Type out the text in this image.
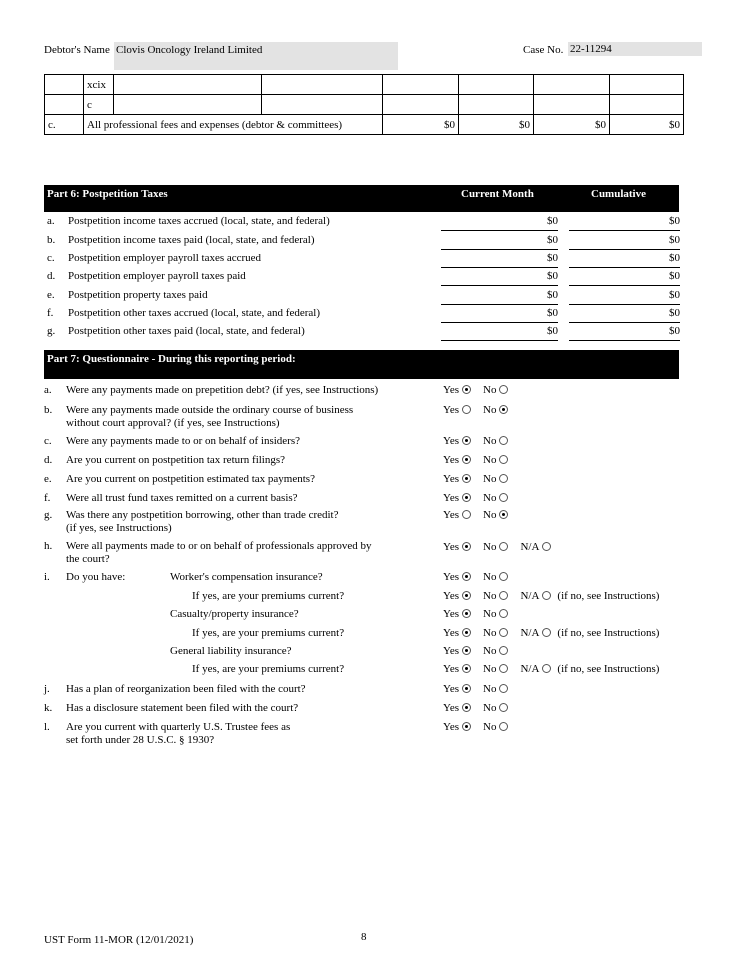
Debtor's Name Clovis Oncology Ireland Limited	Case No. 22-11294
	xcix						
	c						
c.	All professional fees and expenses (debtor & committees)			$0	$0	$0	$0
Part 6: Postpetition Taxes	Current Month	Cumulative
a. Postpetition income taxes accrued (local, state, and federal)	$0	$0
b. Postpetition income taxes paid (local, state, and federal)	$0	$0
c. Postpetition employer payroll taxes accrued	$0	$0
d. Postpetition employer payroll taxes paid	$0	$0
e. Postpetition property taxes paid	$0	$0
f. Postpetition other taxes accrued (local, state, and federal)	$0	$0
g. Postpetition other taxes paid (local, state, and federal)	$0	$0
Part 7: Questionnaire - During this reporting period:
a. Were any payments made on prepetition debt? (if yes, see Instructions)	Yes No
b. Were any payments made outside the ordinary course of business
without court approval? (if yes, see Instructions)
Yes No
c. Were any payments made to or on behalf of insiders?	Yes No
d. Are you current on postpetition tax return filings?	Yes No
e. Are you current on postpetition estimated tax payments?	Yes No
f. Were all trust fund taxes remitted on a current basis?	Yes No
g. Was there any postpetition borrowing, other than trade credit?
(if yes, see Instructions)
Yes No
h. Were all payments made to or on behalf of professionals approved by
the court?
Yes No N/A
i. Do you have:	Worker's compensation insurance?	Yes No
If yes, are your premiums current?	Yes No N/A (if no, see Instructions)
Casualty/property insurance?	Yes No
If yes, are your premiums current?	Yes No N/A (if no, see Instructions)
General liability insurance?	Yes No
If yes, are your premiums current?	Yes No N/A (if no, see Instructions)
j. Has a plan of reorganization been filed with the court?	Yes No
k. Has a disclosure statement been filed with the court?	Yes No
l. Are you current with quarterly U.S. Trustee fees as
set forth under 28 U.S.C. § 1930?
Yes No
UST Form 11-MOR (12/01/2021)	8
